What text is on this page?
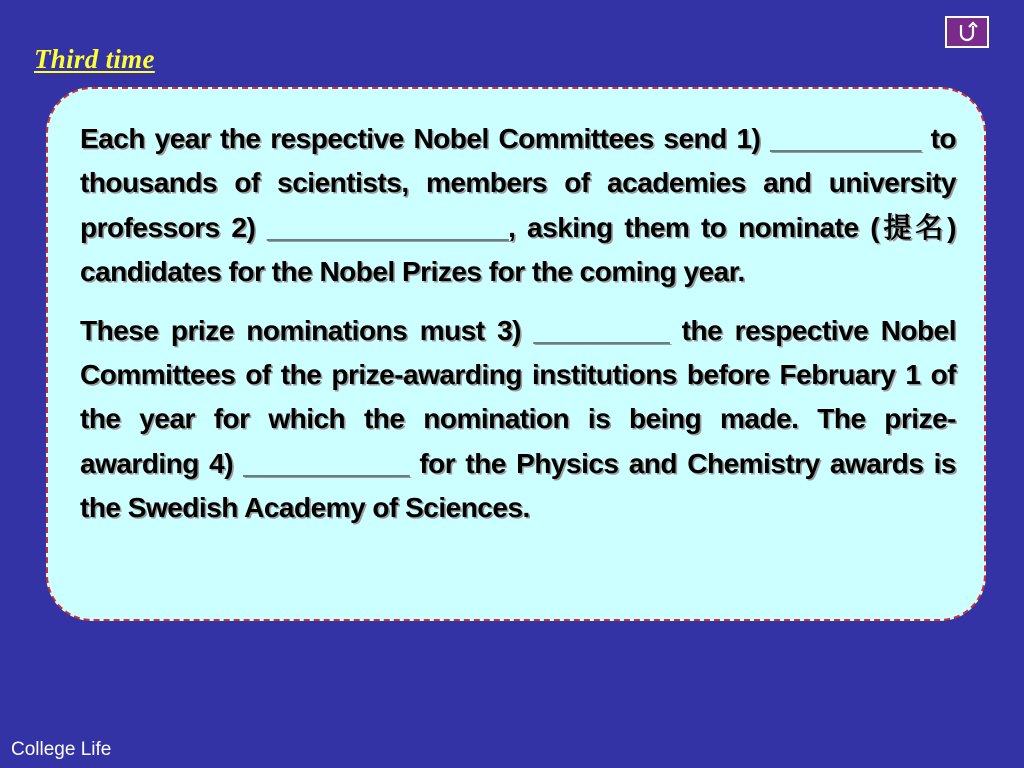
Third time

Each year the respective Nobel Committees send 1) __________ to thousands of scientists, members of academies and university professors 2) ________________, asking them to nominate (提名) candidates for the Nobel Prizes for the coming year.

These prize nominations must 3) _________ the respective Nobel Committees of the prize-awarding institutions before February 1 of the year for which the nomination is being made. The prize-awarding 4) ___________ for the Physics and Chemistry awards is the Swedish Academy of Sciences.

College Life
